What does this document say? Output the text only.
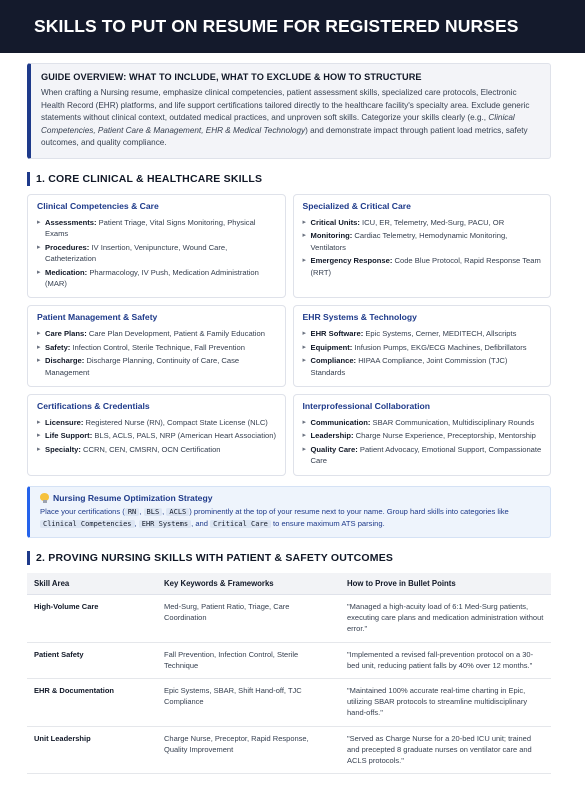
SKILLS TO PUT ON RESUME FOR REGISTERED NURSES
GUIDE OVERVIEW: WHAT TO INCLUDE, WHAT TO EXCLUDE & HOW TO STRUCTURE

When crafting a Nursing resume, emphasize clinical competencies, patient assessment skills, specialized care protocols, Electronic Health Record (EHR) platforms, and life support certifications tailored directly to the healthcare facility's specialty area. Exclude generic statements without clinical context, outdated medical practices, and unproven soft skills. Categorize your skills clearly (e.g., Clinical Competencies, Patient Care & Management, EHR & Medical Technology) and demonstrate impact through patient load metrics, safety outcomes, and quality compliance.

1. CORE CLINICAL & HEALTHCARE SKILLS
Clinical Competencies & Care
▸ Assessments: Patient Triage, Vital Signs Monitoring, Physical Exams
▸ Procedures: IV Insertion, Venipuncture, Wound Care, Catheterization
▸ Medication: Pharmacology, IV Push, Medication Administration (MAR)
Specialized & Critical Care
▸ Critical Units: ICU, ER, Telemetry, Med-Surg, PACU, OR
▸ Monitoring: Cardiac Telemetry, Hemodynamic Monitoring, Ventilators
▸ Emergency Response: Code Blue Protocol, Rapid Response Team (RRT)
Patient Management & Safety
▸ Care Plans: Care Plan Development, Patient & Family Education
▸ Safety: Infection Control, Sterile Technique, Fall Prevention
▸ Discharge: Discharge Planning, Continuity of Care, Case Management
EHR Systems & Technology
▸ EHR Software: Epic Systems, Cerner, MEDITECH, Allscripts
▸ Equipment: Infusion Pumps, EKG/ECG Machines, Defibrillators
▸ Compliance: HIPAA Compliance, Joint Commission (TJC) Standards
Certifications & Credentials
▸ Licensure: Registered Nurse (RN), Compact State License (NLC)
▸ Life Support: BLS, ACLS, PALS, NRP (American Heart Association)
▸ Specialty: CCRN, CEN, CMSRN, OCN Certification
Interprofessional Collaboration
▸ Communication: SBAR Communication, Multidisciplinary Rounds
▸ Leadership: Charge Nurse Experience, Preceptorship, Mentorship
▸ Quality Care: Patient Advocacy, Emotional Support, Compassionate Care
Nursing Resume Optimization Strategy

Place your certifications ( RN , BLS , ACLS ) prominently at the top of your resume next to your name. Group hard skills into categories like Clinical Competencies , EHR Systems , and Critical Care to ensure maximum ATS parsing.

2. PROVING NURSING SKILLS WITH PATIENT & SAFETY OUTCOMES
Skill Area	Key Keywords & Frameworks	How to Prove in Bullet Points
High-Volume Care	Med-Surg, Patient Ratio, Triage, Care Coordination	"Managed a high-acuity load of 6:1 Med-Surg patients, executing care plans and medication administration without error."
Patient Safety	Fall Prevention, Infection Control, Sterile Technique	"Implemented a revised fall-prevention protocol on a 30-bed unit, reducing patient falls by 40% over 12 months."
EHR & Documentation	Epic Systems, SBAR, Shift Hand-off, TJC Compliance	"Maintained 100% accurate real-time charting in Epic, utilizing SBAR protocols to streamline multidisciplinary hand-offs."
Unit Leadership	Charge Nurse, Preceptor, Rapid Response, Quality Improvement	"Served as Charge Nurse for a 20-bed ICU unit; trained and precepted 8 graduate nurses on ventilator care and ACLS protocols."
